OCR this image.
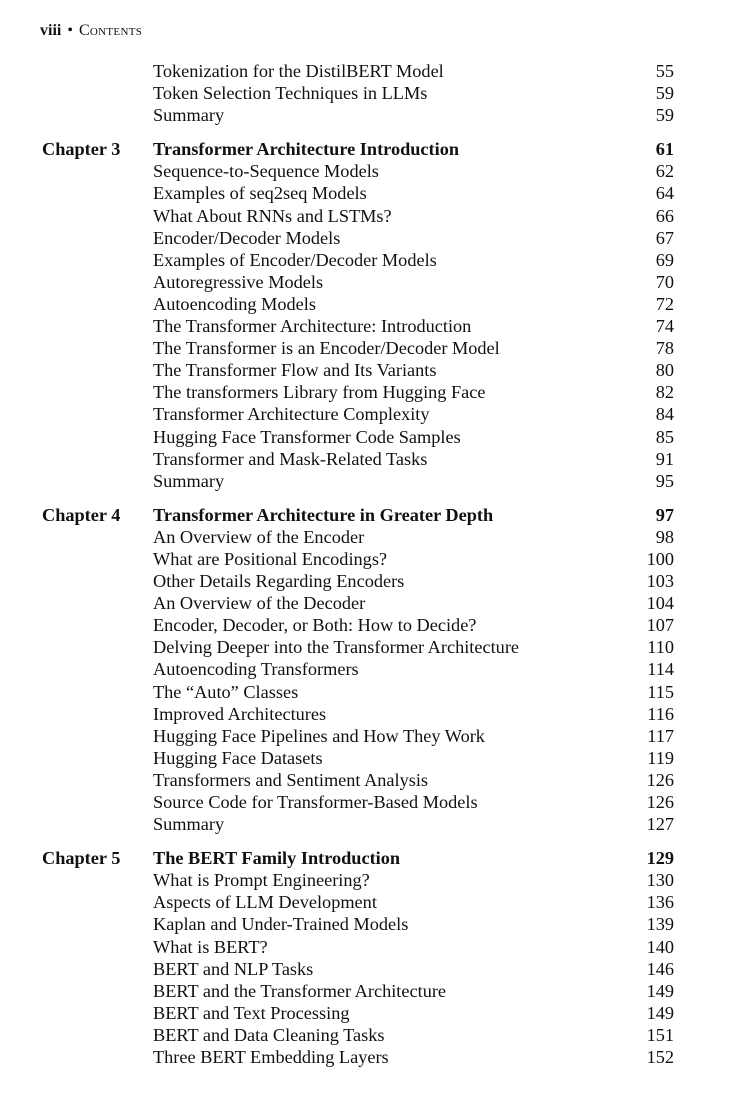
viii • Contents
Tokenization for the DistilBERT Model	55
Token Selection Techniques in LLMs	59
Summary	59
Chapter 3 Transformer Architecture Introduction	61
Sequence-to-Sequence Models	62
Examples of seq2seq Models	64
What About RNNs and LSTMs?	66
Encoder/Decoder Models	67
Examples of Encoder/Decoder Models	69
Autoregressive Models	70
Autoencoding Models	72
The Transformer Architecture: Introduction	74
The Transformer is an Encoder/Decoder Model	78
The Transformer Flow and Its Variants	80
The transformers Library from Hugging Face	82
Transformer Architecture Complexity	84
Hugging Face Transformer Code Samples	85
Transformer and Mask-Related Tasks	91
Summary	95
Chapter 4 Transformer Architecture in Greater Depth	97
An Overview of the Encoder	98
What are Positional Encodings?	100
Other Details Regarding Encoders	103
An Overview of the Decoder	104
Encoder, Decoder, or Both: How to Decide?	107
Delving Deeper into the Transformer Architecture	110
Autoencoding Transformers	114
The “Auto” Classes	115
Improved Architectures	116
Hugging Face Pipelines and How They Work	117
Hugging Face Datasets	119
Transformers and Sentiment Analysis	126
Source Code for Transformer-Based Models	126
Summary	127
Chapter 5 The BERT Family Introduction	129
What is Prompt Engineering?	130
Aspects of LLM Development	136
Kaplan and Under-Trained Models	139
What is BERT?	140
BERT and NLP Tasks	146
BERT and the Transformer Architecture	149
BERT and Text Processing	149
BERT and Data Cleaning Tasks	151
Three BERT Embedding Layers	152
